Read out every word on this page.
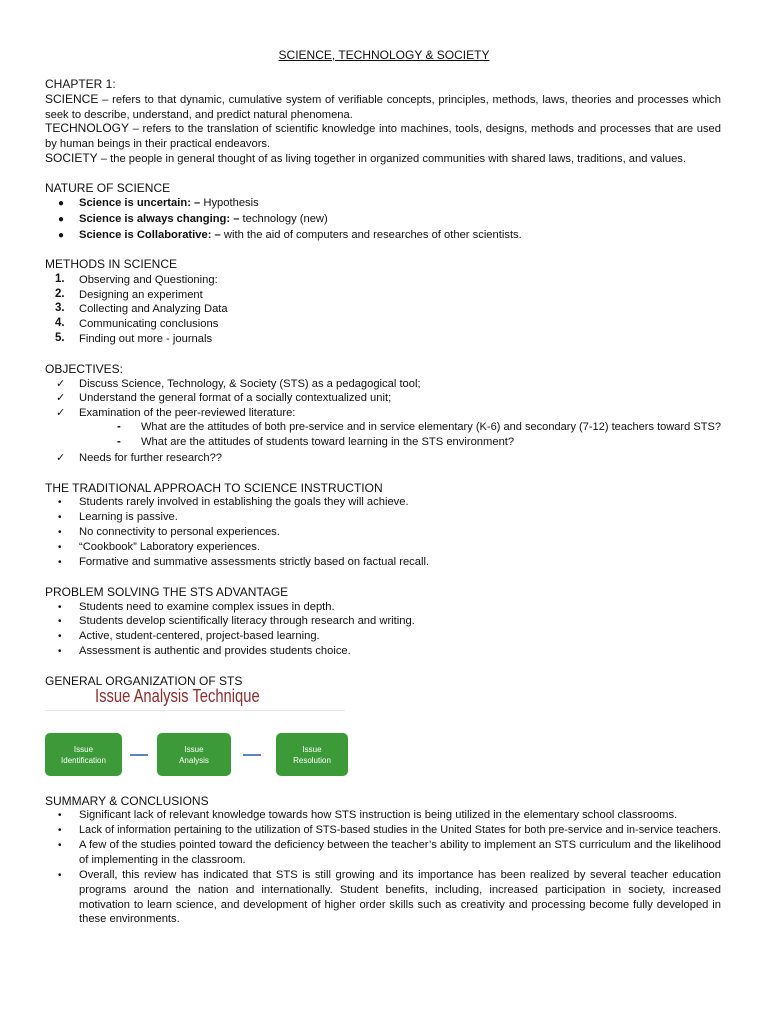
SCIENCE, TECHNOLOGY & SOCIETY
CHAPTER 1:
SCIENCE – refers to that dynamic, cumulative system of verifiable concepts, principles, methods, laws, theories and processes which seek to describe, understand, and predict natural phenomena.
TECHNOLOGY – refers to the translation of scientific knowledge into machines, tools, designs, methods and processes that are used by human beings in their practical endeavors.
SOCIETY – the people in general thought of as living together in organized communities with shared laws, traditions, and values.
NATURE OF SCIENCE
● Science is uncertain: – Hypothesis
● Science is always changing: – technology (new)
● Science is Collaborative: – with the aid of computers and researches of other scientists.
METHODS IN SCIENCE
1. Observing and Questioning:
2. Designing an experiment
3. Collecting and Analyzing Data
4. Communicating conclusions
5. Finding out more - journals
OBJECTIVES:
✓ Discuss Science, Technology, & Society (STS) as a pedagogical tool;
✓ Understand the general format of a socially contextualized unit;
✓ Examination of the peer-reviewed literature:
- What are the attitudes of both pre-service and in service elementary (K-6) and secondary (7-12) teachers toward STS?
- What are the attitudes of students toward learning in the STS environment?
✓ Needs for further research??
THE TRADITIONAL APPROACH TO SCIENCE INSTRUCTION
• Students rarely involved in establishing the goals they will achieve.
• Learning is passive.
• No connectivity to personal experiences.
• “Cookbook” Laboratory experiences.
• Formative and summative assessments strictly based on factual recall.
PROBLEM SOLVING THE STS ADVANTAGE
• Students need to examine complex issues in depth.
• Students develop scientifically literacy through research and writing.
• Active, student-centered, project-based learning.
• Assessment is authentic and provides students choice.
GENERAL ORGANIZATION OF STS
Issue Analysis Technique
Issue
Identification
Issue
Analysis
Issue
Resolution
SUMMARY & CONCLUSIONS
• Significant lack of relevant knowledge towards how STS instruction is being utilized in the elementary school classrooms.
• Lack of information pertaining to the utilization of STS-based studies in the United States for both pre-service and in-service teachers.
• A few of the studies pointed toward the deficiency between the teacher’s ability to implement an STS curriculum and the likelihood of implementing in the classroom.
• Overall, this review has indicated that STS is still growing and its importance has been realized by several teacher education programs around the nation and internationally. Student benefits, including, increased participation in society, increased motivation to learn science, and development of higher order skills such as creativity and processing become fully developed in these environments.
